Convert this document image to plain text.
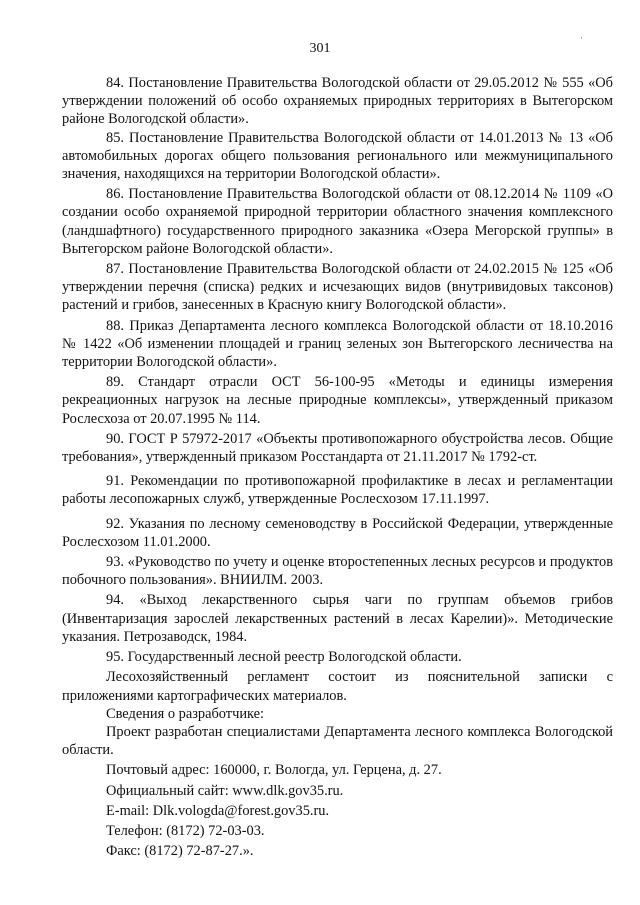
301
·

84. Постановление Правительства Вологодской области от 29.05.2012 № 555 «Об утверждении положений об особо охраняемых природных территориях в Вытегорском районе Вологодской области».

85. Постановление Правительства Вологодской области от 14.01.2013 № 13 «Об автомобильных дорогах общего пользования регионального или межмуниципального значения, находящихся на территории Вологодской области».

86. Постановление Правительства Вологодской области от 08.12.2014 № 1109 «О создании особо охраняемой природной территории областного значения комплексного (ландшафтного) государственного природного заказника «Озера Мегорской группы» в Вытегорском районе Вологодской области».

87. Постановление Правительства Вологодской области от 24.02.2015 № 125 «Об утверждении перечня (списка) редких и исчезающих видов (внутривидовых таксонов) растений и грибов, занесенных в Красную книгу Вологодской области».

88. Приказ Департамента лесного комплекса Вологодской области от 18.10.2016 № 1422 «Об изменении площадей и границ зеленых зон Вытегорского лесничества на территории Вологодской области».

89. Стандарт отрасли ОСТ 56-100-95 «Методы и единицы измерения рекреационных нагрузок на лесные природные комплексы», утвержденный приказом Рослесхоза от 20.07.1995 № 114.

90. ГОСТ Р 57972-2017 «Объекты противопожарного обустройства лесов. Общие требования», утвержденный приказом Росстандарта от 21.11.2017 № 1792-ст.

91. Рекомендации по противопожарной профилактике в лесах и регламентации работы лесопожарных служб, утвержденные Рослесхозом 17.11.1997.

92. Указания по лесному семеноводству в Российской Федерации, утвержденные Рослесхозом 11.01.2000.

93. «Руководство по учету и оценке второстепенных лесных ресурсов и продуктов побочного пользования». ВНИИЛМ. 2003.

94. «Выход лекарственного сырья чаги по группам объемов грибов (Инвентаризация зарослей лекарственных растений в лесах Карелии)». Методические указания. Петрозаводск, 1984.

95. Государственный лесной реестр Вологодской области.

Лесохозяйственный регламент состоит из пояснительной записки с приложениями картографических материалов.

Сведения о разработчике:

Проект разработан специалистами Департамента лесного комплекса Вологодской области.

Почтовый адрес: 160000, г. Вологда, ул. Герцена, д. 27.

Официальный сайт: www.dlk.gov35.ru.

E-mail: Dlk.vologda@forest.gov35.ru.

Телефон: (8172) 72-03-03.

Факс: (8172) 72-87-27.».
